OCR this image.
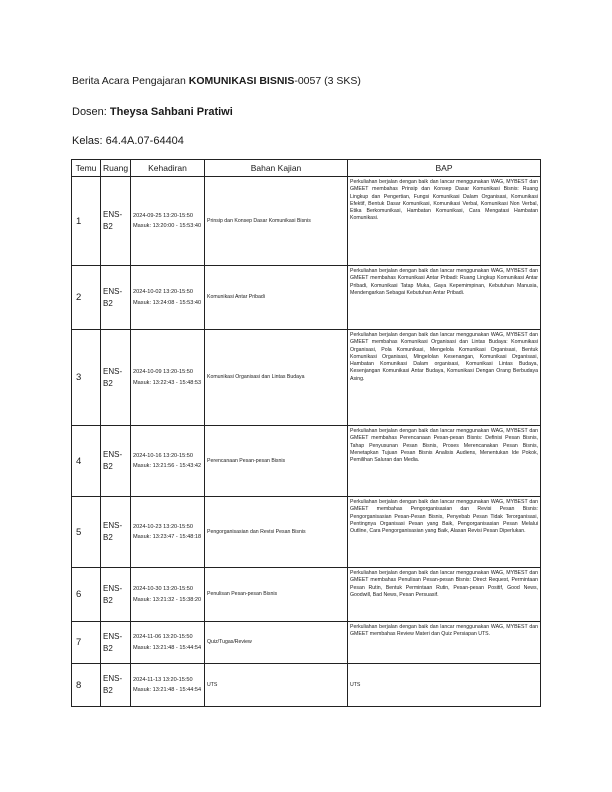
Berita Acara Pengajaran KOMUNIKASI BISNIS-0057 (3 SKS)
Dosen: Theysa Sahbani Pratiwi
Kelas: 64.4A.07-64404
Temu	Ruang	Kehadiran	Bahan Kajian	BAP
1	ENS-B2	2024-09-25 13:20-15:50
Masuk: 13:20:00 - 15:53:40	Prinsip dan Konsep Dasar Komunikasi Bisnis	Perkuliahan berjalan dengan baik dan lancar menggunakan WAG, MYBEST dan GMEET membahas Prinsip dan Konsep Dasar Komunikasi Bisnis: Ruang Lingkup dan Pengertian, Fungsi Komunikasi Dalam Organisasi, Komunikasi Efektif, Bentuk Dasar Komunikasi, Komunikasi Verbal, Komunikasi Non Verbal, Etika Berkomunikasi, Hambatan Komunikasi, Cara Mengatasi Hambatan Komunikasi.
2	ENS-B2	2024-10-02 13:20-15:50
Masuk: 13:24:08 - 15:53:40	Komunikasi Antar Pribadi	Perkuliahan berjalan dengan baik dan lancar menggunakan WAG, MYBEST dan GMEET membahas Komunikasi Antar Pribadi: Ruang Lingkup Komunikasi Antar Pribadi, Komunikasi Tatap Muka, Gaya Kepemimpinan, Kebutuhan Manusia, Mendengarkan Sebagai Kebutuhan Antar Pribadi.
3	ENS-B2	2024-10-09 13:20-15:50
Masuk: 13:22:43 - 15:48:53	Komunikasi Organisasi dan Lintas Budaya	Perkuliahan berjalan dengan baik dan lancar menggunakan WAG, MYBEST dan GMEET membahas Komunikasi Organisasi dan Lintas Budaya: Komunikasi Organisasi, Pola Komunikasi, Mengelola Komunikasi Organisasi, Bentuk Komunikasi Organisasi, Mingelolan Kesenangan, Komunikasi Organisasi, Hambatan Komunikasi Dalam organisasi, Komunikasi Lintas Budaya, Kesenjangan Komunikasi Antar Budaya, Komunikasi Dengan Orang Berbudaya Asing.
4	ENS-B2	2024-10-16 13:20-15:50
Masuk: 13:21:56 - 15:43:42	Perencanaan Pesan-pesan Bisnis	Perkuliahan berjalan dengan baik dan lancar menggunakan WAG, MYBEST dan GMEET membahas Perencanaan Pesan-pesan Bisnis: Definisi Pesan Bisnis, Tahap Penyusunan Pesan Bisnis, Proses Merencanakan Pesan Bisnis, Menetapkan Tujuan Pesan Bisnis Analisis Audiens, Menentukan Ide Pokok, Pemilihan Saluran dan Media.
5	ENS-B2	2024-10-23 13:20-15:50
Masuk: 13:23:47 - 15:48:18	Pengorganisasian dan Revisi Pesan Bisnis	Perkuliahan berjalan dengan baik dan lancar menggunakan WAG, MYBEST dan GMEET membahas Pengorganisasian dan Revisi Pesan Bisnis: Pengorganisasian Pesan-Pesan Bisnis, Penyebab Pesan Tidak Terorganisasi, Pentingnya Organisasi Pesan yang Baik, Pengorganisasian Pesan Melalui Outline, Cara Pengorganisasian yang Baik, Alasan Revisi Pesan Diperlukan.
6	ENS-B2	2024-10-30 13:20-15:50
Masuk: 13:21:32 - 15:38:20	Penulisan Pesan-pesan Bisnis	Perkuliahan berjalan dengan baik dan lancar menggunakan WAG, MYBEST dan GMEET membahas Penulisan Pesan-pesan Bisnis: Direct Request, Permintaan Pesan Rutin, Bentuk Permintaan Rutin, Pesan-pesan Positif, Good News, Goodwill, Bad News, Pesan Persuasif.
7	ENS-B2	2024-11-06 13:20-15:50
Masuk: 13:21:48 - 15:44:54	Quiz/Tugas/Review	Perkuliahan berjalan dengan baik dan lancar menggunakan WAG, MYBEST dan GMEET membahas Review Materi dan Quiz Persiapan UTS.
8	ENS-B2	2024-11-13 13:20-15:50
Masuk: 13:21:48 - 15:44:54	UTS	UTS
